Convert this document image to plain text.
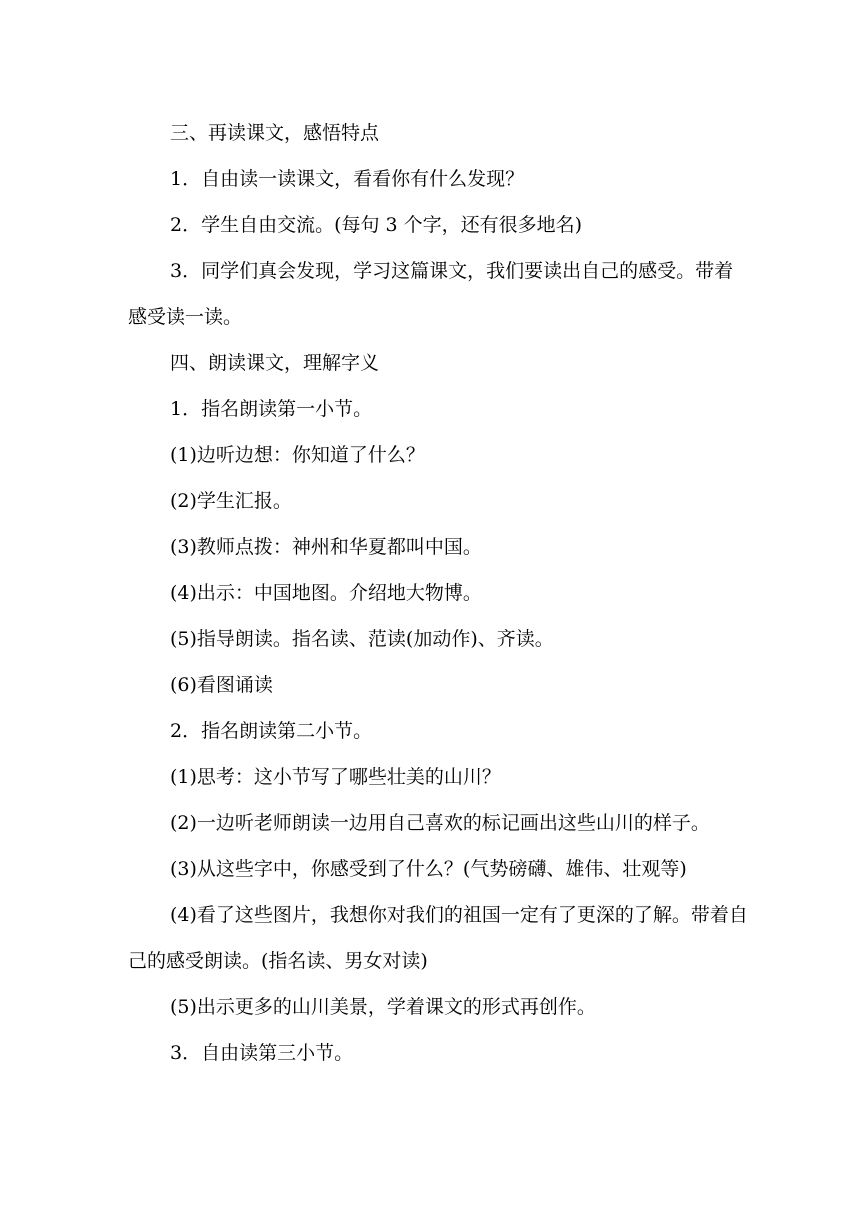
三、再读课文，感悟特点

1．自由读一读课文，看看你有什么发现？

2．学生自由交流。(每句 3 个字，还有很多地名)

3．同学们真会发现，学习这篇课文，我们要读出自己的感受。带着感受读一读。

四、朗读课文，理解字义

1．指名朗读第一小节。

(1)边听边想：你知道了什么？

(2)学生汇报。

(3)教师点拨：神州和华夏都叫中国。

(4)出示：中国地图。介绍地大物博。

(5)指导朗读。指名读、范读(加动作)、齐读。

(6)看图诵读

2．指名朗读第二小节。

(1)思考：这小节写了哪些壮美的山川？

(2)一边听老师朗读一边用自己喜欢的标记画出这些山川的样子。

(3)从这些字中，你感受到了什么？(气势磅礴、雄伟、壮观等)

(4)看了这些图片，我想你对我们的祖国一定有了更深的了解。带着自己的感受朗读。(指名读、男女对读)

(5)出示更多的山川美景，学着课文的形式再创作。

3．自由读第三小节。
